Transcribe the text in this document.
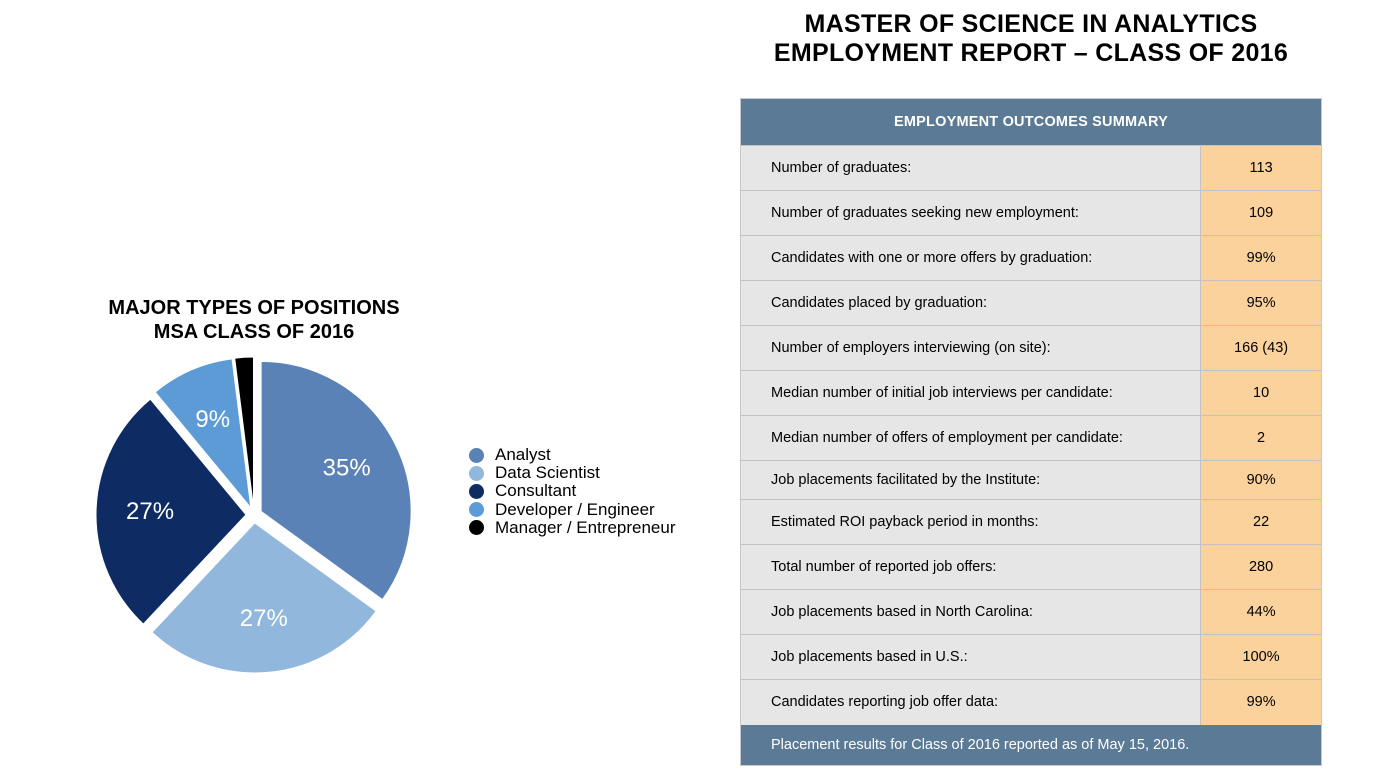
MASTER OF SCIENCE IN ANALYTICS
EMPLOYMENT REPORT – CLASS OF 2016
MAJOR TYPES OF POSITIONS
MSA CLASS OF 2016
35%
27%
27%
9%
Analyst
Data Scientist
Consultant
Developer / Engineer
Manager / Entrepreneur
EMPLOYMENT OUTCOMES SUMMARY	
Number of graduates:	113
Number of graduates seeking new employment:	109
Candidates with one or more offers by graduation:	99%
Candidates placed by graduation:	95%
Number of employers interviewing (on site):	166 (43)
Median number of initial job interviews per candidate:	10
Median number of offers of employment per candidate:	2
Job placements facilitated by the Institute:	90%
Estimated ROI payback period in months:	22
Total number of reported job offers:	280
Job placements based in North Carolina:	44%
Job placements based in U.S.:	100%
Candidates reporting job offer data:	99%
Placement results for Class of 2016 reported as of May 15, 2016.	
